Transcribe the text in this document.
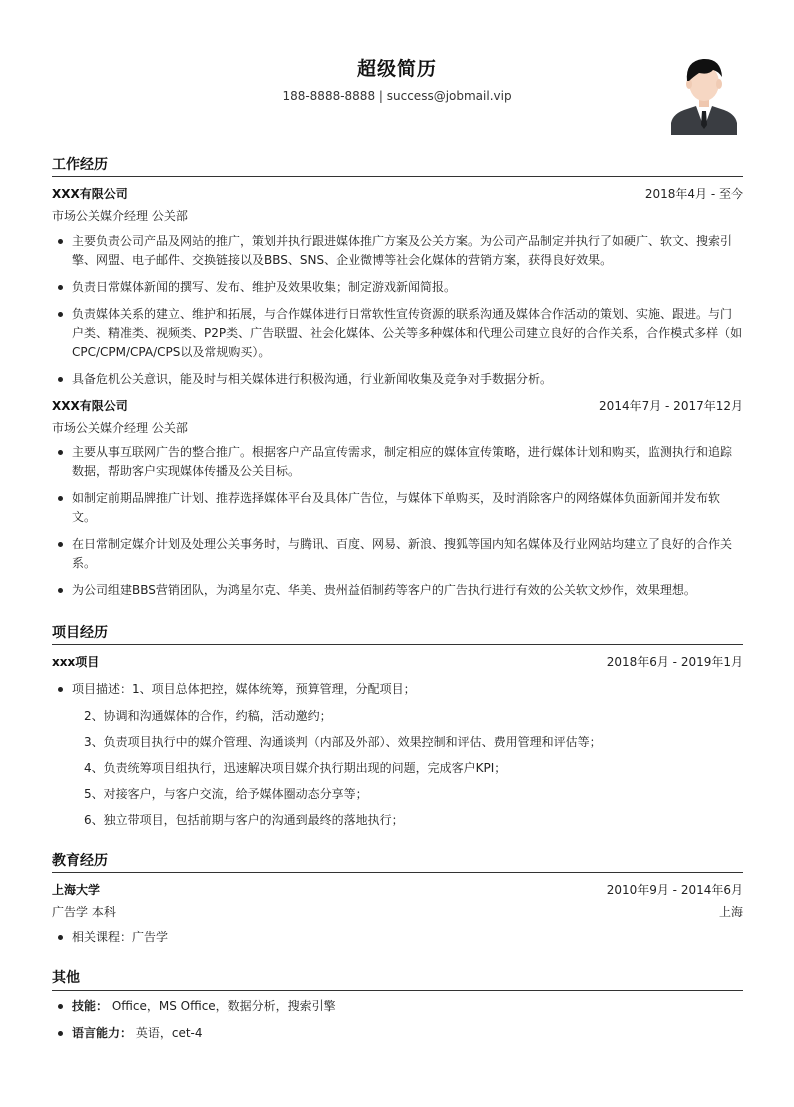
超级简历
188-8888-8888 | success@jobmail.vip
工作经历
XXX有限公司	2018年4月 - 至今
市场公关媒介经理 公关部
主要负责公司产品及网站的推广，策划并执行跟进媒体推广方案及公关方案。为公司产品制定并执行了如硬广、软文、搜索引擎、网盟、电子邮件、交换链接以及BBS、SNS、企业微博等社会化媒体的营销方案，获得良好效果。
负责日常媒体新闻的撰写、发布、维护及效果收集；制定游戏新闻简报。
负责媒体关系的建立、维护和拓展，与合作媒体进行日常软性宣传资源的联系沟通及媒体合作活动的策划、实施、跟进。与门户类、精准类、视频类、P2P类、广告联盟、社会化媒体、公关等多种媒体和代理公司建立良好的合作关系，合作模式多样（如CPC/CPM/CPA/CPS以及常规购买）。
具备危机公关意识，能及时与相关媒体进行积极沟通，行业新闻收集及竞争对手数据分析。
XXX有限公司	2014年7月 - 2017年12月
市场公关媒介经理 公关部
主要从事互联网广告的整合推广。根据客户产品宣传需求，制定相应的媒体宣传策略，进行媒体计划和购买，监测执行和追踪数据，帮助客户实现媒体传播及公关目标。
如制定前期品牌推广计划、推荐选择媒体平台及具体广告位，与媒体下单购买，及时消除客户的网络媒体负面新闻并发布软文。
在日常制定媒介计划及处理公关事务时，与腾讯、百度、网易、新浪、搜狐等国内知名媒体及行业网站均建立了良好的合作关系。
为公司组建BBS营销团队，为鸿星尔克、华美、贵州益佰制药等客户的广告执行进行有效的公关软文炒作，效果理想。
项目经历
xxx项目	2018年6月 - 2019年1月
项目描述：1、项目总体把控，媒体统筹，预算管理，分配项目；
2、协调和沟通媒体的合作，约稿，活动邀约；
3、负责项目执行中的媒介管理、沟通谈判（内部及外部）、效果控制和评估、费用管理和评估等；
4、负责统筹项目组执行，迅速解决项目媒介执行期出现的问题，完成客户KPI；
5、对接客户，与客户交流，给予媒体圈动态分享等；
6、独立带项目，包括前期与客户的沟通到最终的落地执行；
教育经历
上海大学	2010年9月 - 2014年6月
广告学 本科	上海
相关课程：广告学
其他
技能： Office，MS Office，数据分析，搜索引擎
语言能力： 英语，cet-4
